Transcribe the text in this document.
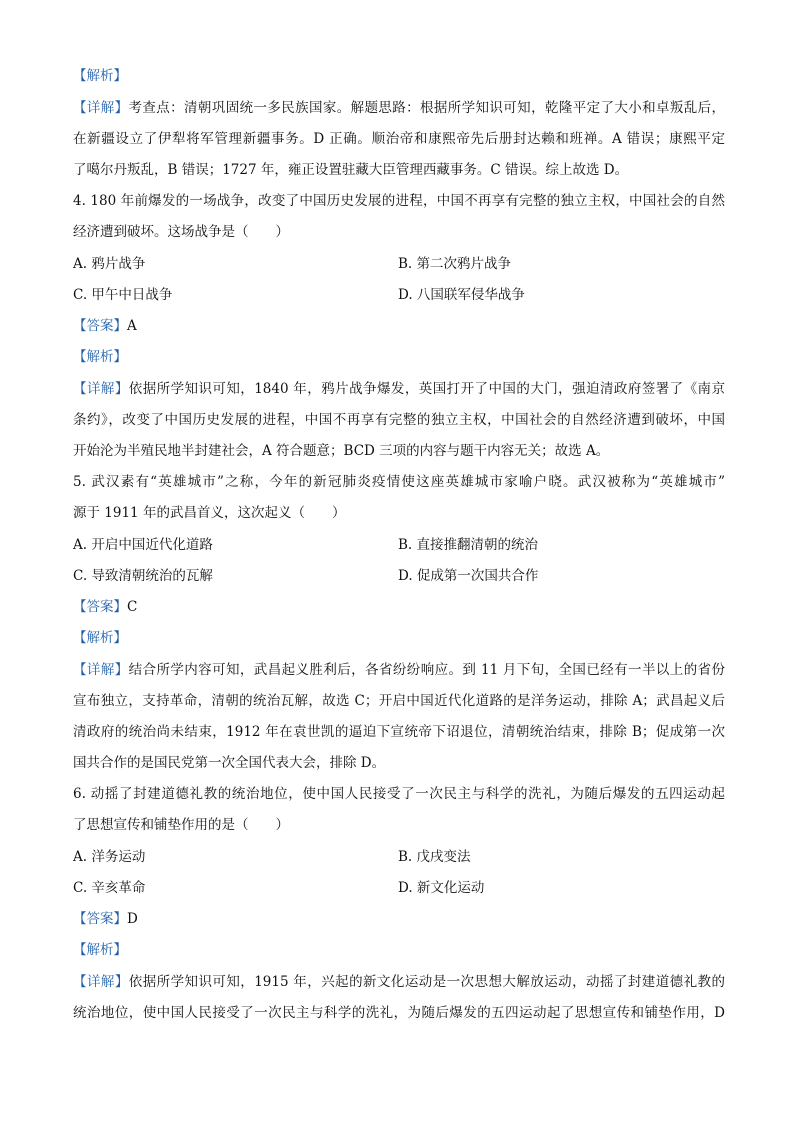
【解析】
【详解】考查点：清朝巩固统一多民族国家。解题思路：根据所学知识可知，乾隆平定了大小和卓叛乱后，
在新疆设立了伊犁将军管理新疆事务。D 正确。顺治帝和康熙帝先后册封达赖和班禅。A 错误；康熙平定
了噶尔丹叛乱，B 错误；1727 年，雍正设置驻藏大臣管理西藏事务。C 错误。综上故选 D。
4. 180 年前爆发的一场战争，改变了中国历史发展的进程，中国不再享有完整的独立主权，中国社会的自然
经济遭到破坏。这场战争是（　　）
A. 鸦片战争	B. 第二次鸦片战争
C. 甲午中日战争	D. 八国联军侵华战争
【答案】A
【解析】
【详解】依据所学知识可知，1840 年，鸦片战争爆发，英国打开了中国的大门，强迫清政府签署了《南京
条约》，改变了中国历史发展的进程，中国不再享有完整的独立主权，中国社会的自然经济遭到破坏，中国
开始沦为半殖民地半封建社会，A 符合题意；BCD 三项的内容与题干内容无关；故选 A。
5. 武汉素有“英雄城市”之称，今年的新冠肺炎疫情使这座英雄城市家喻户晓。武汉被称为“英雄城市”
源于 1911 年的武昌首义，这次起义（　　）
A. 开启中国近代化道路	B. 直接推翻清朝的统治
C. 导致清朝统治的瓦解	D. 促成第一次国共合作
【答案】C
【解析】
【详解】结合所学内容可知，武昌起义胜利后，各省纷纷响应。到 11 月下旬，全国已经有一半以上的省份
宣布独立，支持革命，清朝的统治瓦解，故选 C；开启中国近代化道路的是洋务运动，排除 A；武昌起义后
清政府的统治尚未结束，1912 年在袁世凯的逼迫下宣统帝下诏退位，清朝统治结束，排除 B；促成第一次
国共合作的是国民党第一次全国代表大会，排除 D。
6. 动摇了封建道德礼教的统治地位，使中国人民接受了一次民主与科学的洗礼，为随后爆发的五四运动起
了思想宣传和铺垫作用的是（　　）
A. 洋务运动	B. 戊戌变法
C. 辛亥革命	D. 新文化运动
【答案】D
【解析】
【详解】依据所学知识可知，1915 年，兴起的新文化运动是一次思想大解放运动，动摇了封建道德礼教的
统治地位，使中国人民接受了一次民主与科学的洗礼，为随后爆发的五四运动起了思想宣传和铺垫作用，D
